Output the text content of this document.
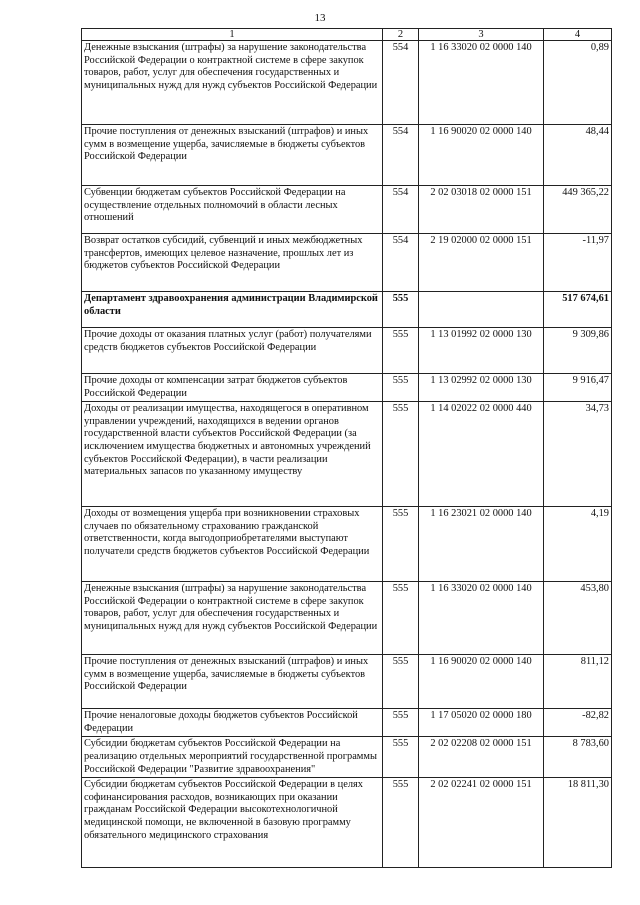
13
1	2	3	4
Денежные взыскания (штрафы) за нарушение законодательства Российской Федерации о контрактной системе в сфере закупок товаров, работ, услуг для обеспечения государственных и муниципальных нужд для нужд субъектов Российской Федерации	554	1 16 33020 02 0000 140	0,89
Прочие поступления от денежных взысканий (штрафов) и иных сумм в возмещение ущерба, зачисляемые в бюджеты субъектов Российской Федерации	554	1 16 90020 02 0000 140	48,44
Субвенции бюджетам субъектов Российской Федерации на осуществление отдельных полномочий в области лесных отношений	554	2 02 03018 02 0000 151	449 365,22
Возврат остатков субсидий, субвенций и иных межбюджетных трансфертов, имеющих целевое назначение, прошлых лет из бюджетов субъектов Российской Федерации	554	2 19 02000 02 0000 151	-11,97
Департамент здравоохранения администрации Владимирской области	555		517 674,61
Прочие доходы от оказания платных услуг (работ) получателями средств бюджетов субъектов Российской Федерации	555	1 13 01992 02 0000 130	9 309,86
Прочие доходы от компенсации затрат бюджетов субъектов Российской Федерации	555	1 13 02992 02 0000 130	9 916,47
Доходы от реализации имущества, находящегося в оперативном управлении учреждений, находящихся в ведении органов государственной власти субъектов Российской Федерации (за исключением имущества бюджетных и автономных учреждений субъектов Российской Федерации), в части реализации материальных запасов по указанному имуществу	555	1 14 02022 02 0000 440	34,73
Доходы от возмещения ущерба при возникновении страховых случаев по обязательному страхованию гражданской ответственности, когда выгодоприобретателями выступают получатели средств бюджетов субъектов Российской Федерации	555	1 16 23021 02 0000 140	4,19
Денежные взыскания (штрафы) за нарушение законодательства Российской Федерации о контрактной системе в сфере закупок товаров, работ, услуг для обеспечения государственных и муниципальных нужд для нужд субъектов Российской Федерации	555	1 16 33020 02 0000 140	453,80
Прочие поступления от денежных взысканий (штрафов) и иных сумм в возмещение ущерба, зачисляемые в бюджеты субъектов Российской Федерации	555	1 16 90020 02 0000 140	811,12
Прочие неналоговые доходы бюджетов субъектов Российской Федерации	555	1 17 05020 02 0000 180	-82,82
Субсидии бюджетам субъектов Российской Федерации на реализацию отдельных мероприятий государственной программы Российской Федерации "Развитие здравоохранения"	555	2 02 02208 02 0000 151	8 783,60
Субсидии бюджетам субъектов Российской Федерации в целях софинансирования расходов, возникающих при оказании гражданам Российской Федерации высокотехнологичной медицинской помощи, не включенной в базовую программу обязательного медицинского страхования	555	2 02 02241 02 0000 151	18 811,30
